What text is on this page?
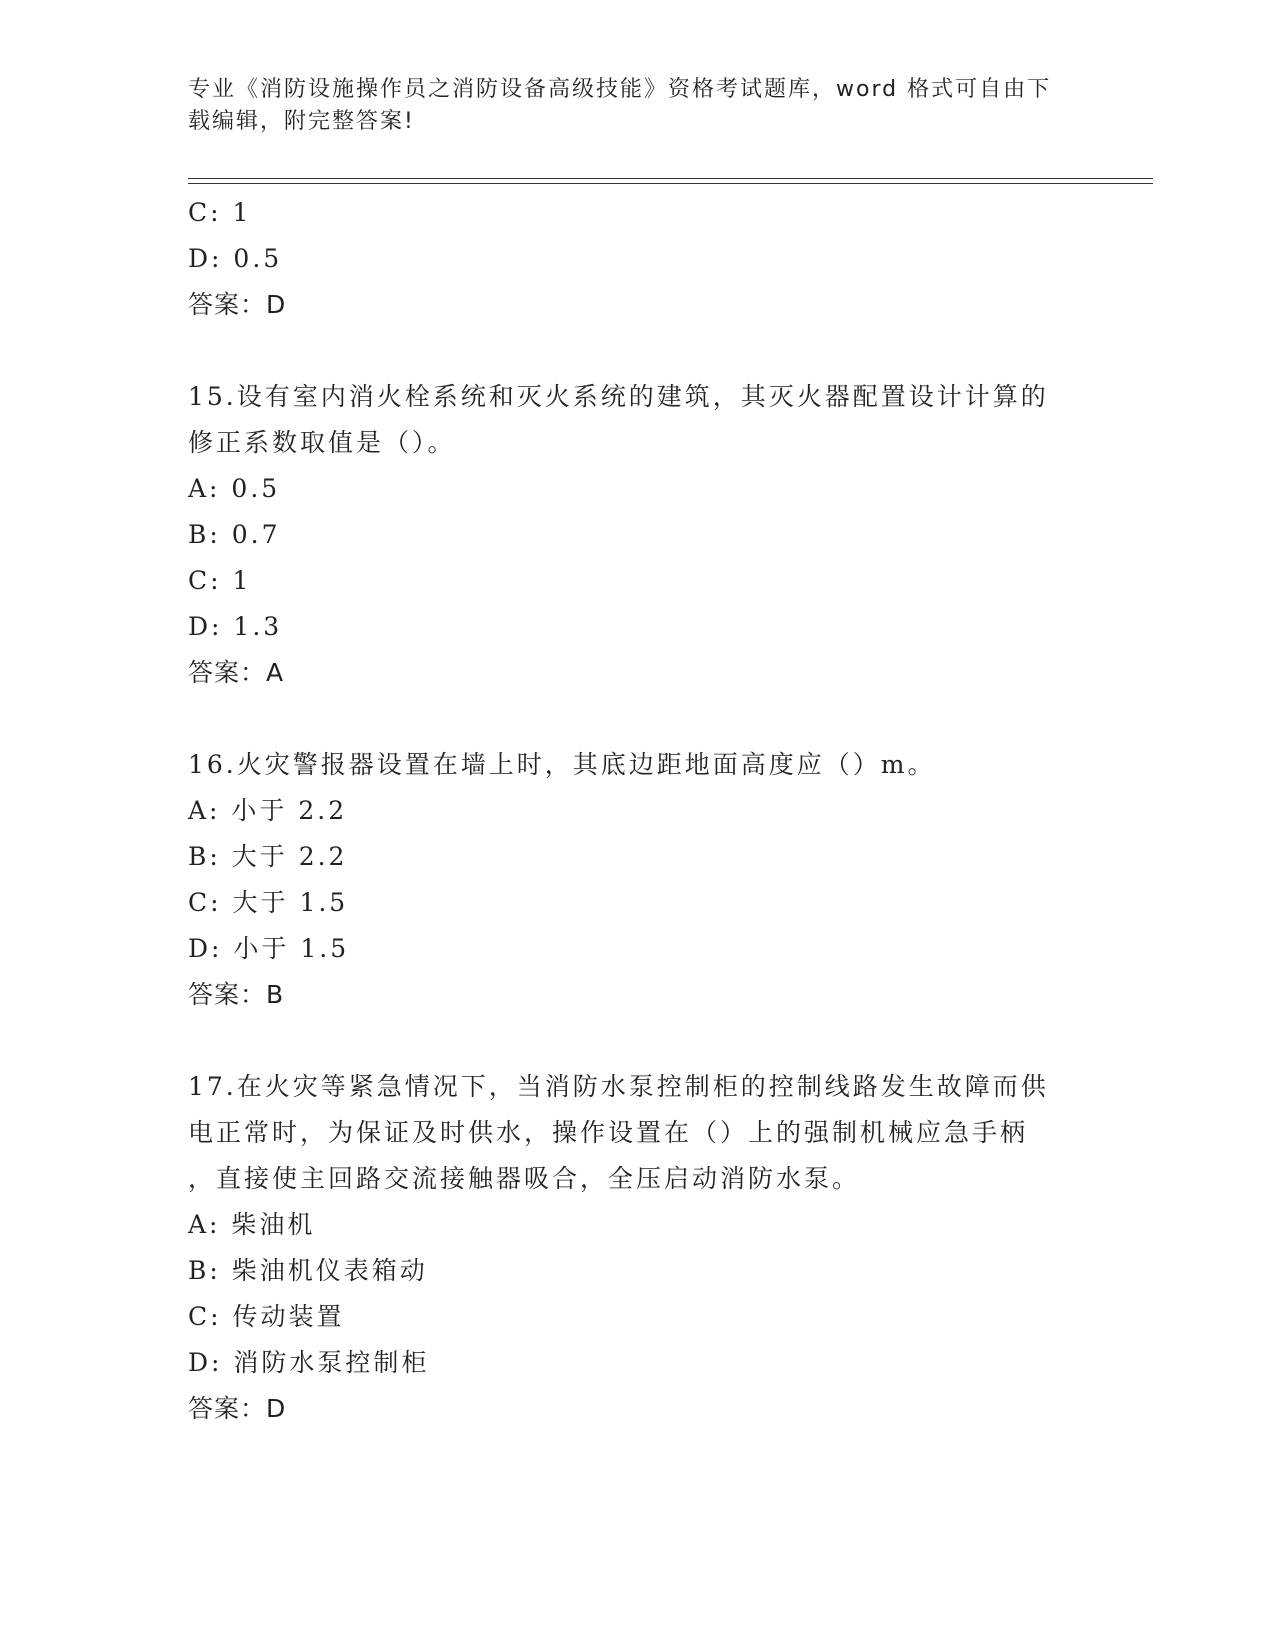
专业《消防设施操作员之消防设备高级技能》资格考试题库，word 格式可自由下
载编辑，附完整答案!
C: 1
D: 0.5
答案：D
15.设有室内消火栓系统和灭火系统的建筑，其灭火器配置设计计算的
修正系数取值是（）。
A: 0.5
B: 0.7
C: 1
D: 1.3
答案：A
16.火灾警报器设置在墙上时，其底边距地面高度应（）m。
A: 小于 2.2
B: 大于 2.2
C: 大于 1.5
D: 小于 1.5
答案：B
17.在火灾等紧急情况下，当消防水泵控制柜的控制线路发生故障而供
电正常时，为保证及时供水，操作设置在（）上的强制机械应急手柄
，直接使主回路交流接触器吸合，全压启动消防水泵。
A: 柴油机
B: 柴油机仪表箱动
C: 传动装置
D: 消防水泵控制柜
答案：D
